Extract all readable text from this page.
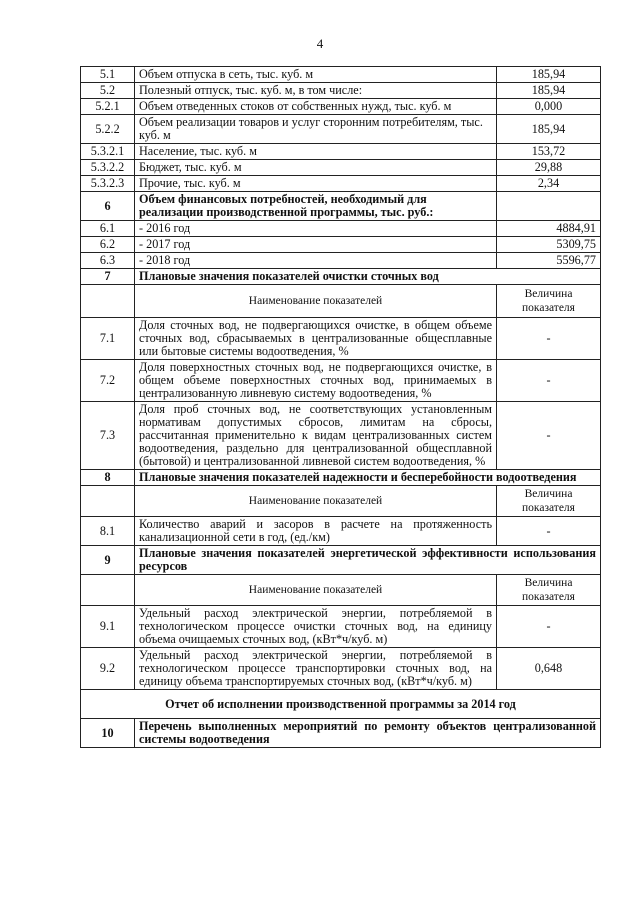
4
5.1	Объем отпуска в сеть, тыс. куб. м	185,94
5.2	Полезный отпуск, тыс. куб. м, в том числе:	185,94
5.2.1	Объем отведенных стоков от собственных нужд, тыс. куб. м	0,000
5.2.2	Объем реализации товаров и услуг сторонним потребителям, тыс. куб. м	185,94
5.3.2.1	Население, тыс. куб. м	153,72
5.3.2.2	Бюджет, тыс. куб. м	29,88
5.3.2.3	Прочие, тыс. куб. м	2,34
6	Объем финансовых потребностей, необходимый для реализации производственной программы, тыс. руб.:	
6.1	- 2016 год	4884,91
6.2	- 2017 год	5309,75
6.3	- 2018 год	5596,77
7	Плановые значения показателей очистки сточных вод	
	Наименование показателей	Величина показателя
7.1	Доля сточных вод, не подвергающихся очистке, в общем объеме сточных вод, сбрасываемых в централизованные общесплавные или бытовые системы водоотведения, %	-
7.2	Доля поверхностных сточных вод, не подвергающихся очистке, в общем объеме поверхностных сточных вод, принимаемых в централизованную ливневую систему водоотведения, %	-
7.3	Доля проб сточных вод, не соответствующих установленным нормативам допустимых сбросов, лимитам на сбросы, рассчитанная применительно к видам централизованных систем водоотведения, раздельно для централизованной общесплавной (бытовой) и централизованной ливневой систем водоотведения, %	-
8	Плановые значения показателей надежности и бесперебойности водоотведения	
	Наименование показателей	Величина показателя
8.1	Количество аварий и засоров в расчете на протяженность канализационной сети в год, (ед./км)	-
9	Плановые значения показателей энергетической эффективности использования ресурсов	
	Наименование показателей	Величина показателя
9.1	Удельный расход электрической энергии, потребляемой в технологическом процессе очистки сточных вод, на единицу объема очищаемых сточных вод, (кВт*ч/куб. м)	-
9.2	Удельный расход электрической энергии, потребляемой в технологическом процессе транспортировки сточных вод, на единицу объема транспортируемых сточных вод, (кВт*ч/куб. м)	0,648
Отчет об исполнении производственной программы за 2014 год		
10	Перечень выполненных мероприятий по ремонту объектов централизованной системы водоотведения	
